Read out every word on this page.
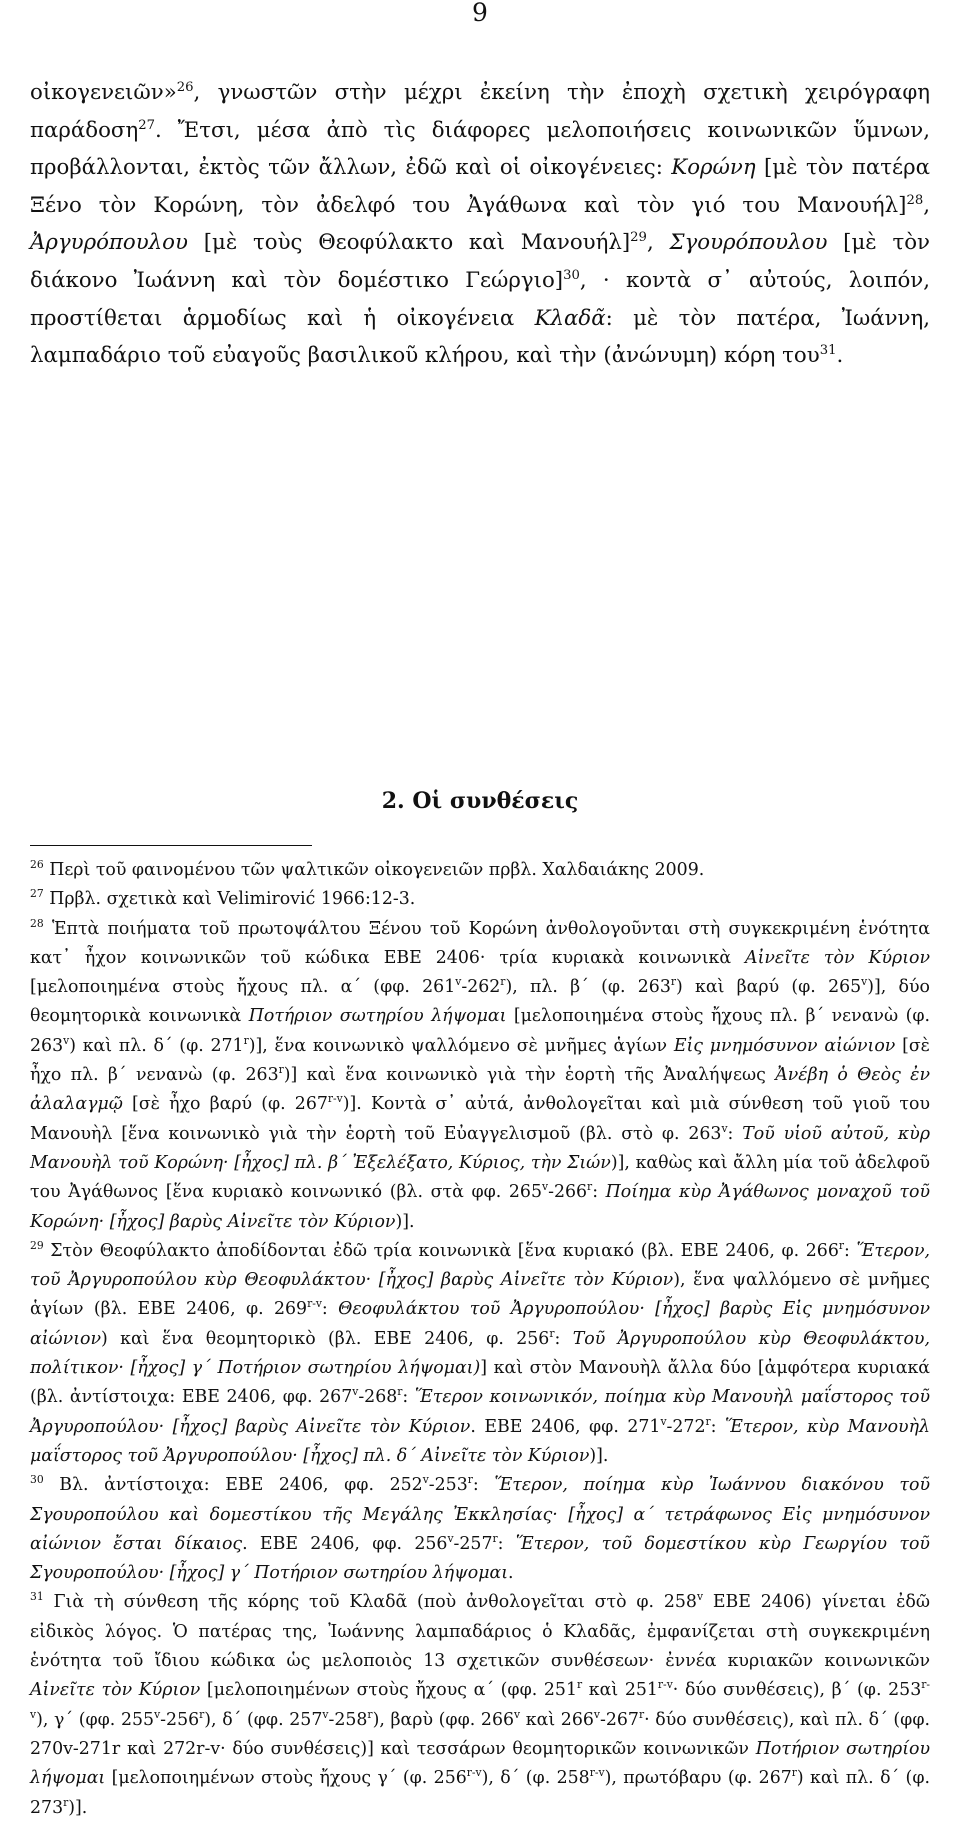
9
οἰκογενειῶν»$^{26}$, γνωστῶν στὴν μέχρι ἐκείνη τὴν ἐποχὴ σχετικὴ χειρόγραφη παράδοση$^{27}$. Ἔτσι, μέσα ἀπὸ τὶς διάφορες μελοποιήσεις κοινωνικῶν ὕμνων, προβάλλονται, ἐκτὸς τῶν ἄλλων, ἐδῶ καὶ οἱ οἰκογένειες: Κορώνη [μὲ τὸν πατέρα Ξένο τὸν Κορώνη, τὸν ἀδελφό του Ἀγάθωνα καὶ τὸν γιό του Μανουήλ]$^{28}$, Ἀργυρόπουλου [μὲ τοὺς Θεοφύλακτο καὶ Μανουήλ]$^{29}$, Σγουρόπουλου [μὲ τὸν διάκονο Ἰωάννη καὶ τὸν δομέστικο Γεώργιο]$^{30}$, · κοντὰ σ᾽ αὐτούς, λοιπόν, προστίθεται ἁρμοδίως καὶ ἡ οἰκογένεια Κλαδᾶ: μὲ τὸν πατέρα, Ἰωάννη, λαμπαδάριο τοῦ εὐαγοῦς βασιλικοῦ κλήρου, καὶ τὴν (ἀνώνυμη) κόρη του$^{31}$.
2. Οἱ συνθέσεις

$^{26}$ Περὶ τοῦ φαινομένου τῶν ψαλτικῶν οἰκογενειῶν πρβλ. Χαλδαιάκης 2009.

$^{27}$ Πρβλ. σχετικὰ καὶ Velimirović 1966:12-3.

$^{28}$ Ἑπτὰ ποιήματα τοῦ πρωτοψάλτου Ξένου τοῦ Κορώνη ἀνθολογοῦνται στὴ συγκεκριμένη ἑνότητα κατ᾽ ἦχον κοινωνικῶν τοῦ κώδικα ΕΒΕ 2406· τρία κυριακὰ κοινωνικὰ Αἰνεῖτε τὸν Κύριον [μελοποιημένα στοὺς ἤχους πλ. α΄ (φφ. 261$^v$-262$^r$), πλ. β΄ (φ. 263$^r$) καὶ βαρύ (φ. 265$^v$)], δύο θεομητορικὰ κοινωνικὰ Ποτήριον σωτηρίου λήψομαι [μελοποιημένα στοὺς ἤχους πλ. β΄ νενανὼ (φ. 263$^v$) καὶ πλ. δ΄ (φ. 271$^r$)], ἕνα κοινωνικὸ ψαλλόμενο σὲ μνῆμες ἁγίων Εἰς μνημόσυνον αἰώνιον [σὲ ἦχο πλ. β΄ νενανὼ (φ. 263$^r$)] καὶ ἕνα κοινωνικὸ γιὰ τὴν ἑορτὴ τῆς Ἀναλήψεως Ἀνέβη ὁ Θεὸς ἐν ἀλαλαγμῷ [σὲ ἦχο βαρύ (φ. 267$^{r-v}$)]. Κοντὰ σ᾽ αὐτά, ἀνθολογεῖται καὶ μιὰ σύνθεση τοῦ γιοῦ του Μανουὴλ [ἕνα κοινωνικὸ γιὰ τὴν ἑορτὴ τοῦ Εὐαγγελισμοῦ (βλ. στὸ φ. 263$^v$: Τοῦ υἱοῦ αὐτοῦ, κὺρ Μανουὴλ τοῦ Κορώνη· [ἦχος] πλ. β΄ Ἐξελέξατο, Κύριος, τὴν Σιών)], καθὼς καὶ ἄλλη μία τοῦ ἀδελφοῦ του Ἀγάθωνος [ἕνα κυριακὸ κοινωνικό (βλ. στὰ φφ. 265$^v$-266$^r$: Ποίημα κὺρ Ἀγάθωνος μοναχοῦ τοῦ Κορώνη· [ἦχος] βαρὺς Αἰνεῖτε τὸν Κύριον)].

$^{29}$ Στὸν Θεοφύλακτο ἀποδίδονται ἐδῶ τρία κοινωνικὰ [ἕνα κυριακό (βλ. ΕΒΕ 2406, φ. 266$^r$: Ἕτερον, τοῦ Ἀργυροπούλου κὺρ Θεοφυλάκτου· [ἦχος] βαρὺς Αἰνεῖτε τὸν Κύριον), ἕνα ψαλλόμενο σὲ μνῆμες ἁγίων (βλ. ΕΒΕ 2406, φ. 269$^{r-v}$: Θεοφυλάκτου τοῦ Ἀργυροπούλου· [ἦχος] βαρὺς Εἰς μνημόσυνον αἰώνιον) καὶ ἕνα θεομητορικὸ (βλ. ΕΒΕ 2406, φ. 256$^r$: Τοῦ Ἀργυροπούλου κὺρ Θεοφυλάκτου, πολίτικον· [ἦχος] γ΄ Ποτήριον σωτηρίου λήψομαι)] καὶ στὸν Μανουὴλ ἄλλα δύο [ἀμφότερα κυριακά (βλ. ἀντίστοιχα: ΕΒΕ 2406, φφ. 267$^v$-268$^r$: Ἕτερον κοινωνικόν, ποίημα κὺρ Μανουὴλ μαΐστορος τοῦ Ἀργυροπούλου· [ἦχος] βαρὺς Αἰνεῖτε τὸν Κύριον. ΕΒΕ 2406, φφ. 271$^v$-272$^r$: Ἕτερον, κὺρ Μανουὴλ μαΐστορος τοῦ Ἀργυροπούλου· [ἦχος] πλ. δ΄ Αἰνεῖτε τὸν Κύριον)].

$^{30}$ Βλ. ἀντίστοιχα: ΕΒΕ 2406, φφ. 252$^v$-253$^r$: Ἕτερον, ποίημα κὺρ Ἰωάννου διακόνου τοῦ Σγουροπούλου καὶ δομεστίκου τῆς Μεγάλης Ἐκκλησίας· [ἦχος] α΄ τετράφωνος Εἰς μνημόσυνον αἰώνιον ἔσται δίκαιος. ΕΒΕ 2406, φφ. 256$^v$-257$^r$: Ἕτερον, τοῦ δομεστίκου κὺρ Γεωργίου τοῦ Σγουροπούλου· [ἦχος] γ΄ Ποτήριον σωτηρίου λήψομαι.

$^{31}$ Γιὰ τὴ σύνθεση τῆς κόρης τοῦ Κλαδᾶ (ποὺ ἀνθολογεῖται στὸ φ. 258$^v$ ΕΒΕ 2406) γίνεται ἐδῶ εἰδικὸς λόγος. Ὁ πατέρας της, Ἰωάννης λαμπαδάριος ὁ Κλαδᾶς, ἐμφανίζεται στὴ συγκεκριμένη ἑνότητα τοῦ ἴδιου κώδικα ὡς μελοποιὸς 13 σχετικῶν συνθέσεων· ἐννέα κυριακῶν κοινωνικῶν Αἰνεῖτε τὸν Κύριον [μελοποιημένων στοὺς ἤχους α΄ (φφ. 251$^r$ καὶ $251^{r-v}\cdot \delta ύo$ συνθέσεις), β΄ (φ. 253$^{r-v}$), γ΄ (φφ. 255$^v$-256$^r$), δ΄ (φφ. 257$^v$-258$^r$), βαρὺ (φφ. 266$^v$ καὶ $266^v-267^r\cdot \delta ύo$ συνθέσεις), καὶ πλ. δ΄ (φφ. 270v-271r καὶ 272r-v· δύο συνθέσεις)] καὶ τεσσάρων θεομητορικῶν κοινωνικῶν Ποτήριον σωτηρίου λήψομαι [μελοποιημένων στοὺς ἤχους γ΄ (φ. 256$^{r-v}$), δ΄ (φ. 258$^{r-v}$), πρωτόβαρυ (φ. 267$^r$) καὶ πλ. δ΄ (φ. 273$^r$)].
